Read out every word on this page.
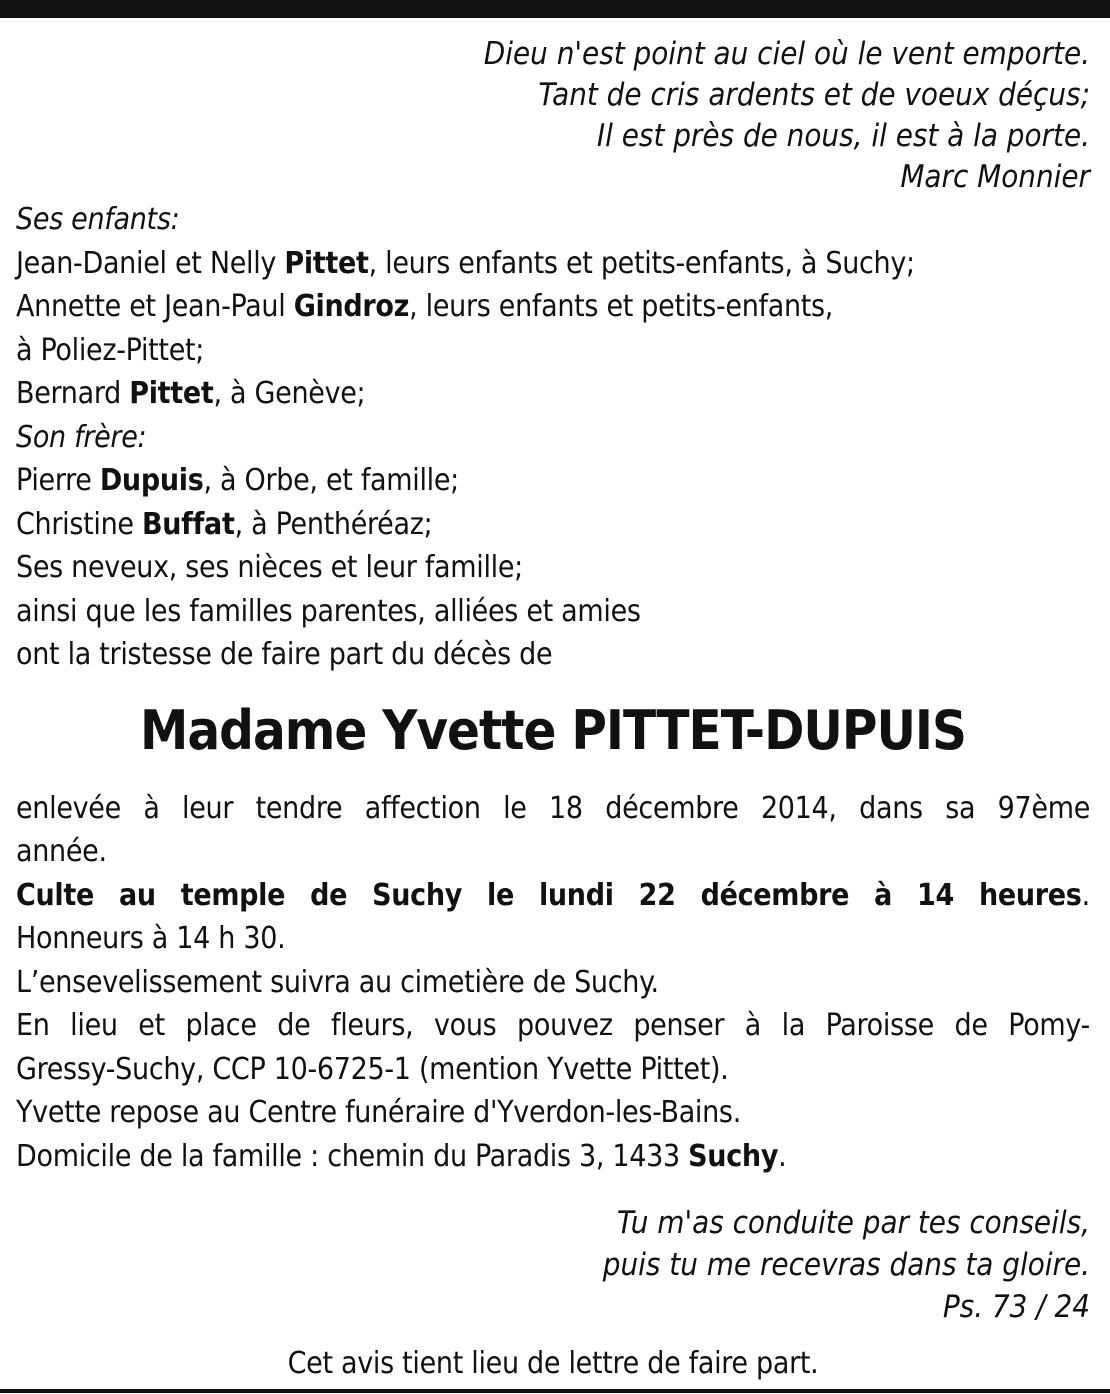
Dieu n'est point au ciel où le vent emporte.
Tant de cris ardents et de voeux déçus;
Il est près de nous, il est à la porte.
Marc Monnier
Ses enfants:
Jean-Daniel et Nelly Pittet, leurs enfants et petits-enfants, à Suchy;
Annette et Jean-Paul Gindroz, leurs enfants et petits-enfants,
à Poliez-Pittet;
Bernard Pittet, à Genève;
Son frère:
Pierre Dupuis, à Orbe, et famille;
Christine Buffat, à Penthéréaz;
Ses neveux, ses nièces et leur famille;
ainsi que les familles parentes, alliées et amies
ont la tristesse de faire part du décès de
Madame Yvette PITTET-DUPUIS
enlevée à leur tendre affection le 18 décembre 2014, dans sa 97ème
année.
Culte au temple de Suchy le lundi 22 décembre à 14 heures.
Honneurs à 14 h 30.
L’ensevelissement suivra au cimetière de Suchy.
En lieu et place de fleurs, vous pouvez penser à la Paroisse de Pomy-
Gressy-Suchy, CCP 10-6725-1 (mention Yvette Pittet).
Yvette repose au Centre funéraire d'Yverdon-les-Bains.
Domicile de la famille : chemin du Paradis 3, 1433 Suchy.
Tu m'as conduite par tes conseils,
puis tu me recevras dans ta gloire.
Ps. 73 / 24
Cet avis tient lieu de lettre de faire part.
